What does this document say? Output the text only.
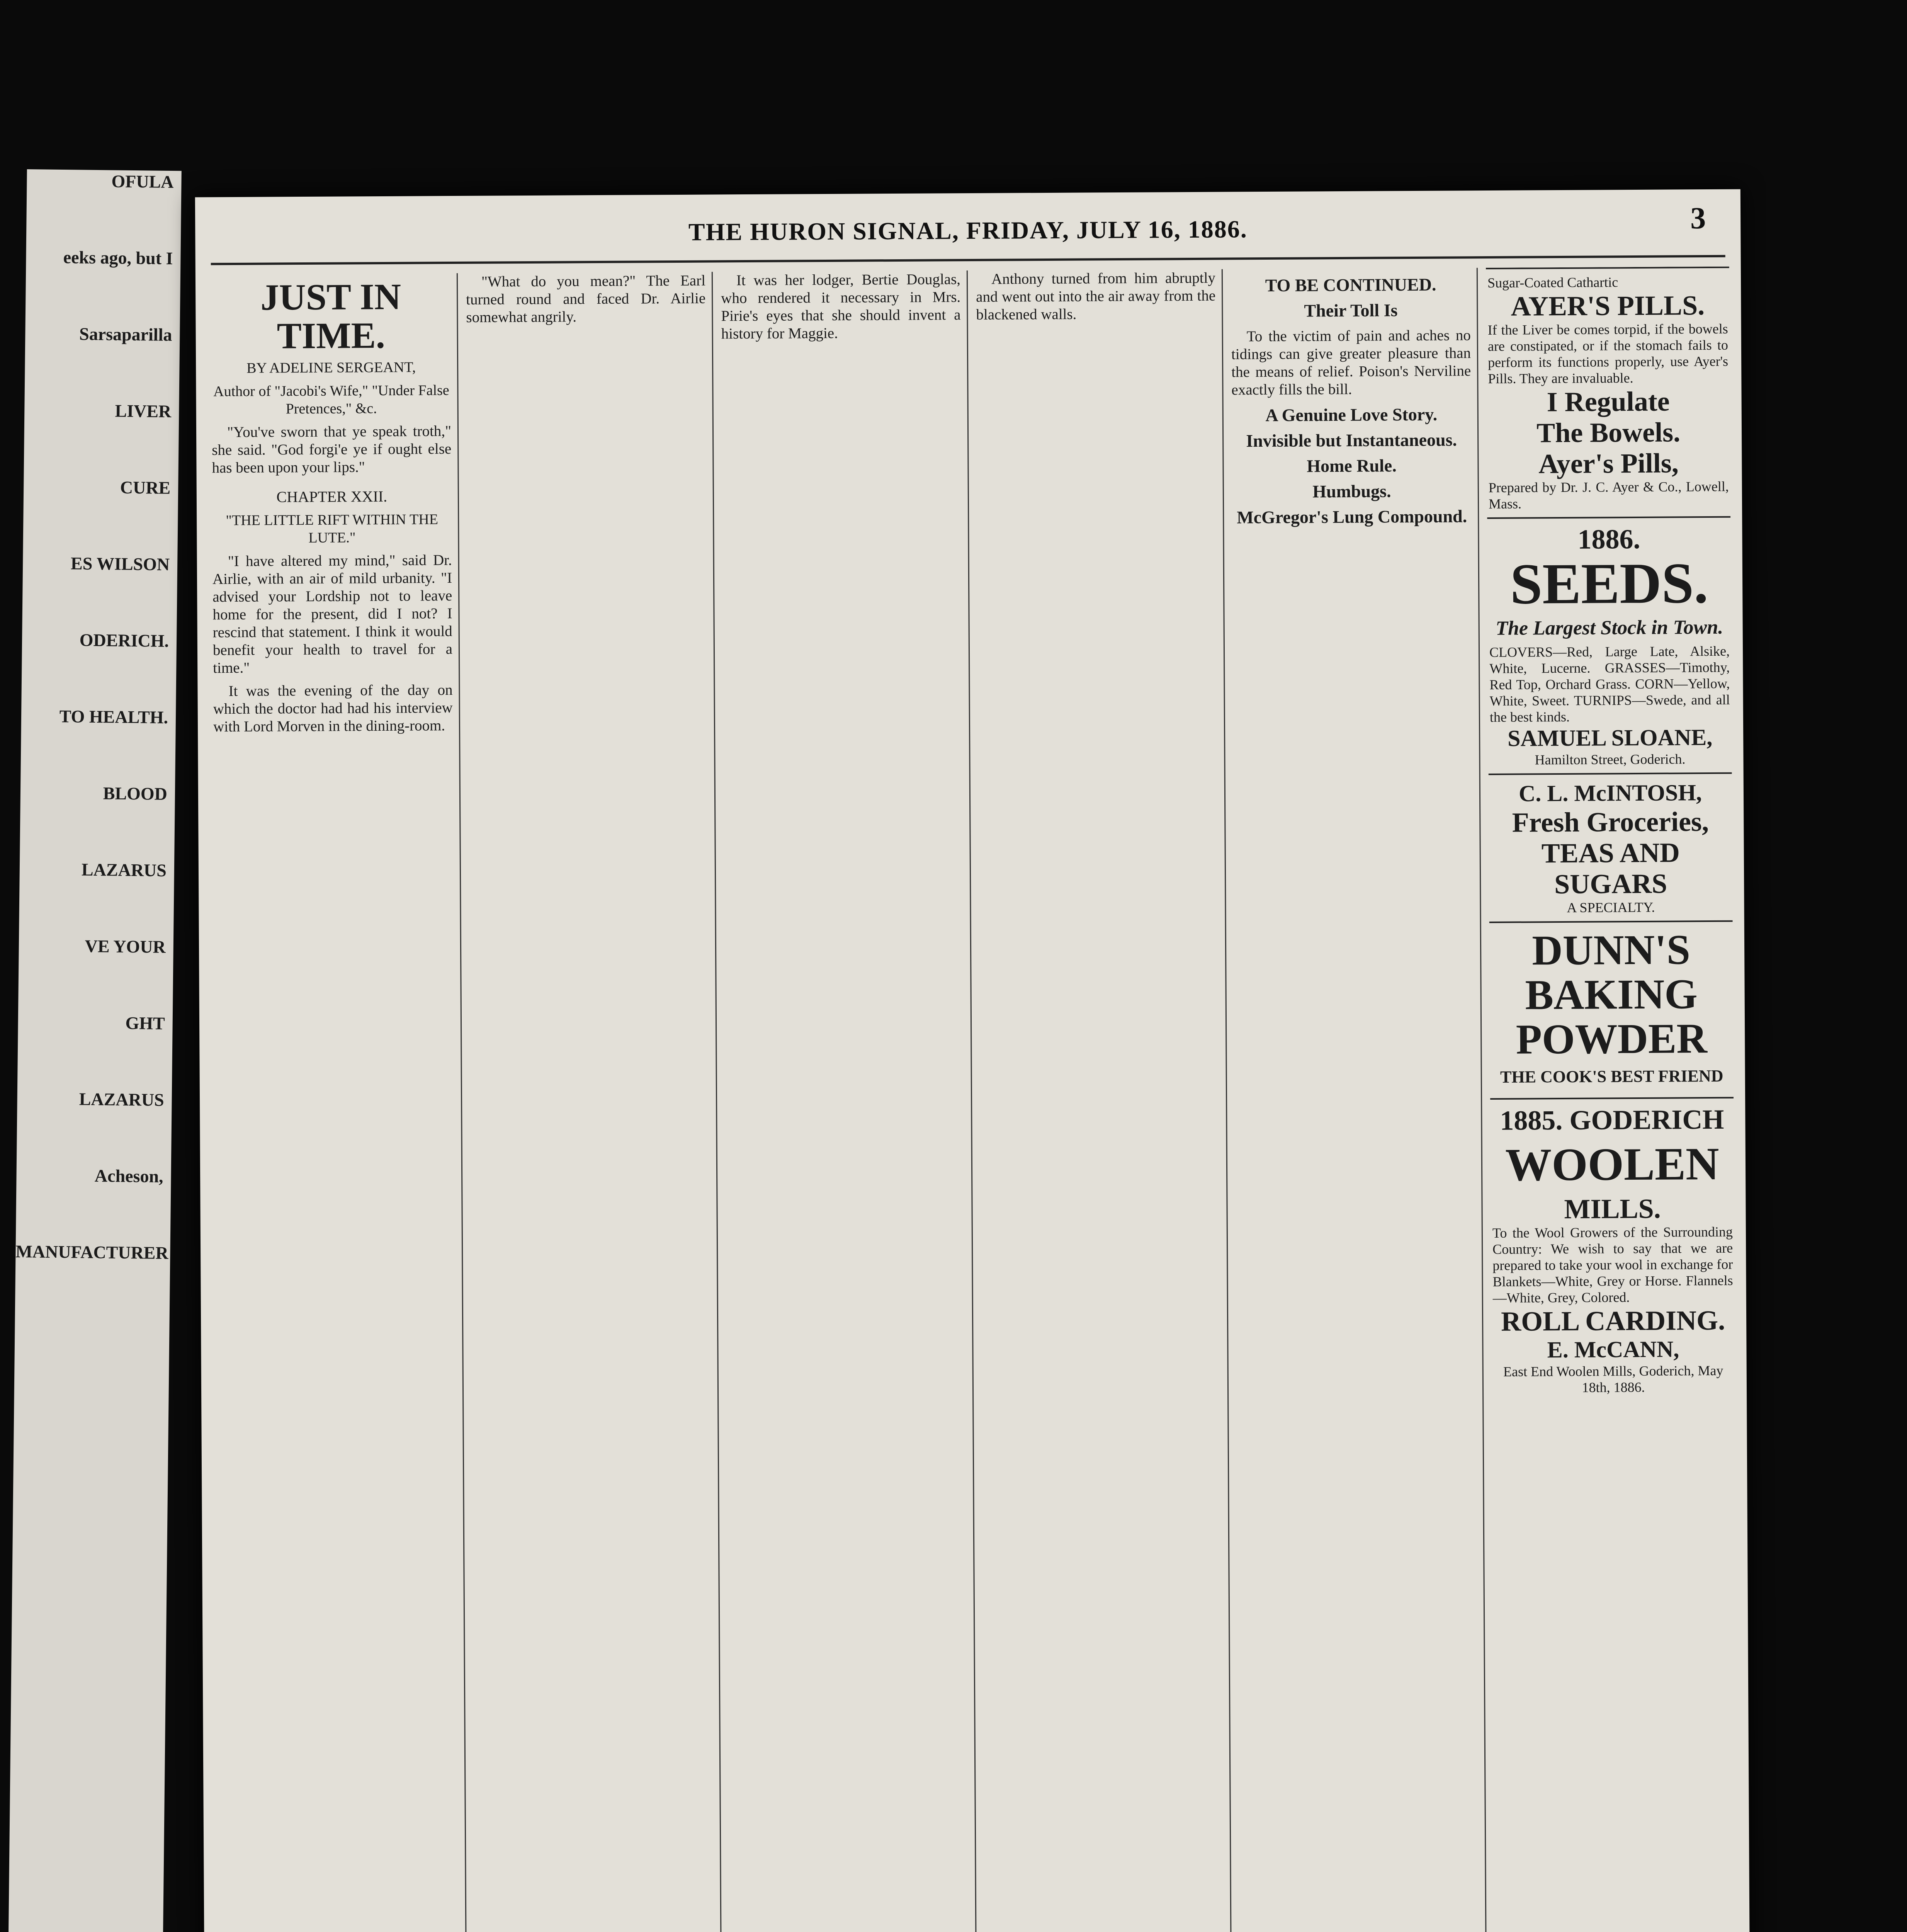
OFULA
eeks ago, but I
Sarsaparilla
LIVER
CURE
ES WILSON
ODERICH.
TO HEALTH.
BLOOD
LAZARUS
VE YOUR
GHT
LAZARUS
Acheson,
MANUFACTURER
THE HURON SIGNAL, FRIDAY, JULY 16, 1886.	3

JUST IN TIME.

BY ADELINE SERGEANT,

Author of "Jacobi's Wife," "Under False Pretences," &c.

"You've sworn that ye speak troth," she said. "God forgi'e ye if ought else has been upon your lips."

CHAPTER XXII.

"THE LITTLE RIFT WITHIN THE LUTE."

"I have altered my mind," said Dr. Airlie, with an air of mild urbanity. "I advised your Lordship not to leave home for the present, did I not? I rescind that statement. I think it would benefit your health to travel for a time."

It was the evening of the day on which the doctor had had his interview with Lord Morven in the dining-room.

"What do you mean?" The Earl turned round and faced Dr. Airlie somewhat angrily.

It was her lodger, Bertie Douglas, who rendered it necessary in Mrs. Pirie's eyes that she should invent a history for Maggie.

Anthony turned from him abruptly and went out into the air away from the blackened walls.

TO BE CONTINUED.

Their Toll Is

To the victim of pain and aches no tidings can give greater pleasure than the means of relief. Poison's Nerviline exactly fills the bill.

A Genuine Love Story.

Invisible but Instantaneous.

Home Rule.

Humbugs.

McGregor's Lung Compound.

Sugar-Coated Cathartic
AYER'S PILLS.
If the Liver be comes torpid, if the bowels are constipated, or if the stomach fails to perform its functions properly, use Ayer's Pills. They are invaluable.
I Regulate
The Bowels.
Ayer's Pills,
Prepared by Dr. J. C. Ayer & Co., Lowell, Mass.
1886.
SEEDS.
The Largest Stock in Town.
CLOVERS—Red, Large Late, Alsike, White, Lucerne. GRASSES—Timothy, Red Top, Orchard Grass. CORN—Yellow, White, Sweet. TURNIPS—Swede, and all the best kinds.
SAMUEL SLOANE,
Hamilton Street, Goderich.
C. L. McINTOSH,
Fresh Groceries,
TEAS AND SUGARS
A SPECIALTY.
DUNN'S
BAKING
POWDER
THE COOK'S BEST FRIEND
1885. GODERICH
WOOLEN
MILLS.
To the Wool Growers of the Surrounding Country: We wish to say that we are prepared to take your wool in exchange for Blankets—White, Grey or Horse. Flannels—White, Grey, Colored.
ROLL CARDING.
E. McCANN,
East End Woolen Mills, Goderich, May 18th, 1886.
